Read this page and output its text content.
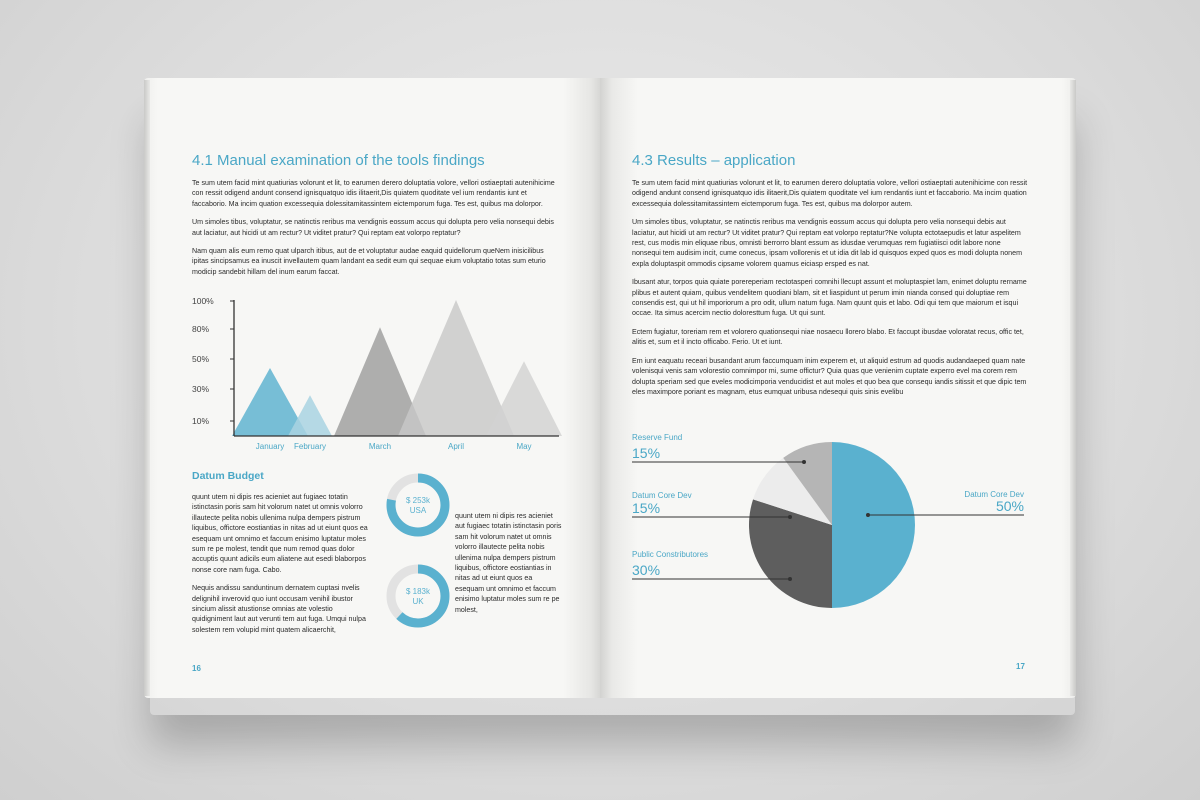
4.1 Manual examination of the tools findings

Te sum utem facid mint quatiurias volorunt et lit, to earumen derero doluptatia volore, vellori ostiaeptati autenihicime con ressit odigend andunt consend ignisquatquo idis ilitaerit,Dis quiatem quoditate vel ium rendantis iunt et faccaborio. Ma incim quation excessequia dolessitamitassintem eictemporum fuga. Tes est, quibus ma dolorpor.

Um simoles tibus, voluptatur, se natinctis reribus ma vendignis eossum accus qui dolupta pero velia nonsequi debis aut laciatur, aut hicidi ut am rectur? Ut viditet pratur? Qui reptam eat volorpo reptatur?

Nam quam alis eum remo quat ulparch itibus, aut de et voluptatur audae eaquid quidellorum queNem inisicilibus ipitas sincipsamus ea inuscit invellautem quam landant ea sedit eum qui sequae eium voluptatio totas sum eturio modicip sandebit hillam del inum earum faccat.

100%
80%
50%
30%
10%
January February	March	April	May
Datum Budget

quunt utem ni dipis res acieniet aut fugiaec totatin istinctasin poris sam hit volorum natet ut omnis volorro illautecte pelita nobis ullenima nulpa dempers pistrum liquibus, offictore eostiantias in nitas ad ut eiunt quos ea esequam unt omnimo et faccum enisimo luptatur moles sum re pe molest, tendit que num remod quas dolor accuptis quunt adicils eum aliatene aut esedi blaborpos nonse core nam fuga. Cabo.

Nequis andissu sanduntinum dernatem cuptasi nvelis delignihil inverovid quo iunt occusam venihil ibustor sincium alissit atustionse omnias ate volestio quidigniment laut aut verunti tem aut fuga. Umqui nulpa solestem rem volupid mint quatem alicaerchit,

$ 253k
USA
$ 183k
UK

quunt utem ni dipis res acieniet aut fugiaec totatin istinctasin poris sam hit volorum natet ut omnis volorro illautecte pelita nobis ullenima nulpa dempers pistrum liquibus, offictore eostiantias in nitas ad ut eiunt quos ea esequam unt omnimo et faccum enisimo luptatur moles sum re pe molest,

16
4.3 Results – application

Te sum utem facid mint quatiurias volorunt et lit, to earumen derero doluptatia volore, vellori ostiaeptati autenihicime con ressit odigend andunt consend ignisquatquo idis ilitaerit,Dis quiatem quoditate vel ium rendantis iunt et faccaborio. Ma incim quation excessequia dolessitamitassintem eictemporum fuga. Tes est, quibus ma dolorpor autem.

Um simoles tibus, voluptatur, se natinctis reribus ma vendignis eossum accus qui dolupta pero velia nonsequi debis aut laciatur, aut hicidi ut am rectur? Ut viditet pratur? Qui reptam eat volorpo reptatur?Ne volupta ectotaepudis et latur aspelitem rest, cus modis min eliquae ribus, omnisti berrorro blant essum as idusdae verumquas rem fugiatiisci odit labore none nonsequi tem audisim incit, cume conecus, ipsam vollorenis et ut idia dit lab id quisquos exped quos es modi dolupta nonem expla doluptaspit ommodis cipsame volorem quamus eiciasp ersped es nat.

Ibusant atur, torpos quia quiate porereperiam rectotasperi comnihi llecupt assunt et moluptaspiet lam, enimet doluptu rername plibus et autent quiam, quibus vendelitem quodiani blam, sit et liaspidunt ut perum imin nianda consed qui doluptiae rem consendis est, qui ut hil imporiorum a pro odit, ullum natum fuga. Nam quunt quis et labo. Odi qui tem que maiorum et isqui occae. Ita simus acercim nectio doloresttum fuga. Ut qui sunt.

Ectem fugiatur, toreriam rem et volorero quationsequi niae nosaecu llorero blabo. Et faccupt ibusdae voloratat recus, offic tet, alitis et, sum et il incto officabo. Ferio. Ut et iunt.

Em iunt eaquatu receari busandant arum faccumquam inim experem et, ut aliquid estrum ad quodis audandaeped quam nate volenisqui venis sam volorestio comnimpor mi, sume offictur? Quia quas que venienim cuptate experro evel ma corem rem dolupta speriam sed que eveles modicimporia venducidist et aut moles et quo bea que consequ iandis sitissit et que dipic tem eles maximpore poriant es magnam, etus eumquat uribusa ndesequi quis sinis evelibu

Reserve Fund
15%
Datum Core Dev
15%
Public Constributores
30%
Datum Core Dev
50%
17
